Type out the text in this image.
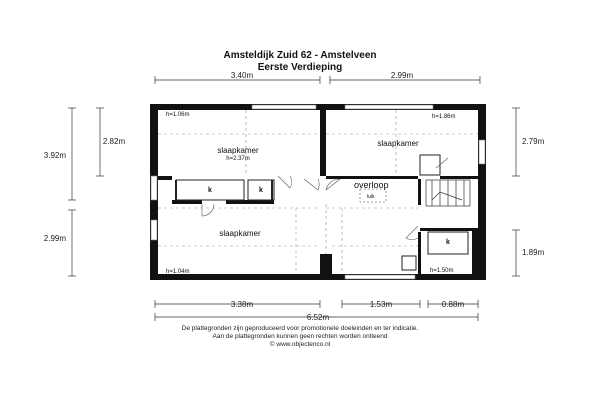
Amsteldijk Zuid 62 - Amstelveen
Eerste Verdieping
3.40m	2.99m
3.92m
2.82m
2.99m
2.79m
1.89m
3.38m	1.53m	0.88m
6.52m
slaapkamer
h=2.37m
h=1.06m
slaapkamer
h=1.86m
slaapkamer
h=1.04m
overloop
luik
h=1.50m
k	k
k
De plattegronden zijn geproduceerd voor promotionele doeleinden en ter indicatie.
Aan de plattegronden kunnen geen rechten worden ontleend
© www.objectenco.nl
